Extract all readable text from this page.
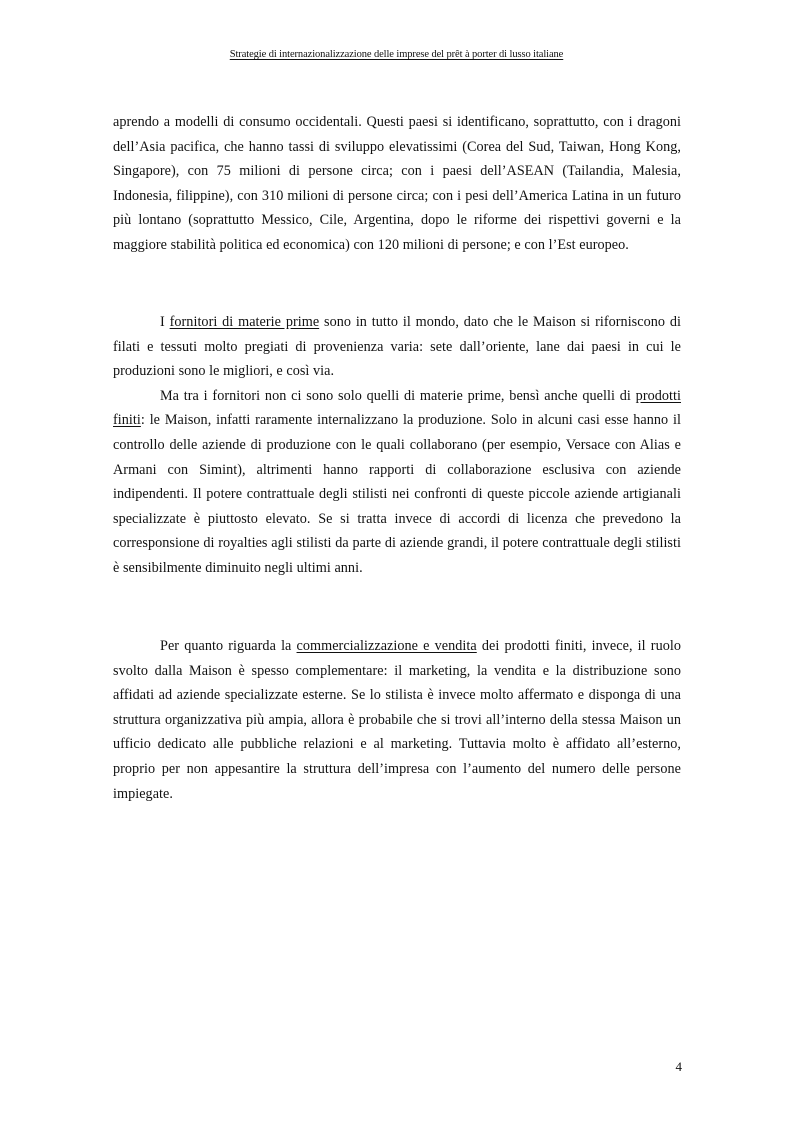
Strategie di internazionalizzazione delle imprese del prêt à porter di lusso italiane

aprendo a modelli di consumo occidentali. Questi paesi si identificano, soprattutto, con i dragoni dell’Asia pacifica, che hanno tassi di sviluppo elevatissimi (Corea del Sud, Taiwan, Hong Kong, Singapore), con 75 milioni di persone circa; con i paesi dell’ASEAN (Tailandia, Malesia, Indonesia, filippine), con 310 milioni di persone circa; con i pesi dell’America Latina in un futuro più lontano (soprattutto Messico, Cile, Argentina, dopo le riforme dei rispettivi governi e la maggiore stabilità politica ed economica) con 120 milioni di persone; e con l’Est europeo.

I fornitori di materie prime sono in tutto il mondo, dato che le Maison si riforniscono di filati e tessuti molto pregiati di provenienza varia: sete dall’oriente, lane dai paesi in cui le produzioni sono le migliori, e così via.

Ma tra i fornitori non ci sono solo quelli di materie prime, bensì anche quelli di prodotti finiti: le Maison, infatti raramente internalizzano la produzione. Solo in alcuni casi esse hanno il controllo delle aziende di produzione con le quali collaborano (per esempio, Versace con Alias e Armani con Simint), altrimenti hanno rapporti di collaborazione esclusiva con aziende indipendenti. Il potere contrattuale degli stilisti nei confronti di queste piccole aziende artigianali specializzate è piuttosto elevato. Se si tratta invece di accordi di licenza che prevedono la corresponsione di royalties agli stilisti da parte di aziende grandi, il potere contrattuale degli stilisti è sensibilmente diminuito negli ultimi anni.

Per quanto riguarda la commercializzazione e vendita dei prodotti finiti, invece, il ruolo svolto dalla Maison è spesso complementare: il marketing, la vendita e la distribuzione sono affidati ad aziende specializzate esterne. Se lo stilista è invece molto affermato e disponga di una struttura organizzativa più ampia, allora è probabile che si trovi all’interno della stessa Maison un ufficio dedicato alle pubbliche relazioni e al marketing. Tuttavia molto è affidato all’esterno, proprio per non appesantire la struttura dell’impresa con l’aumento del numero delle persone impiegate.

4
